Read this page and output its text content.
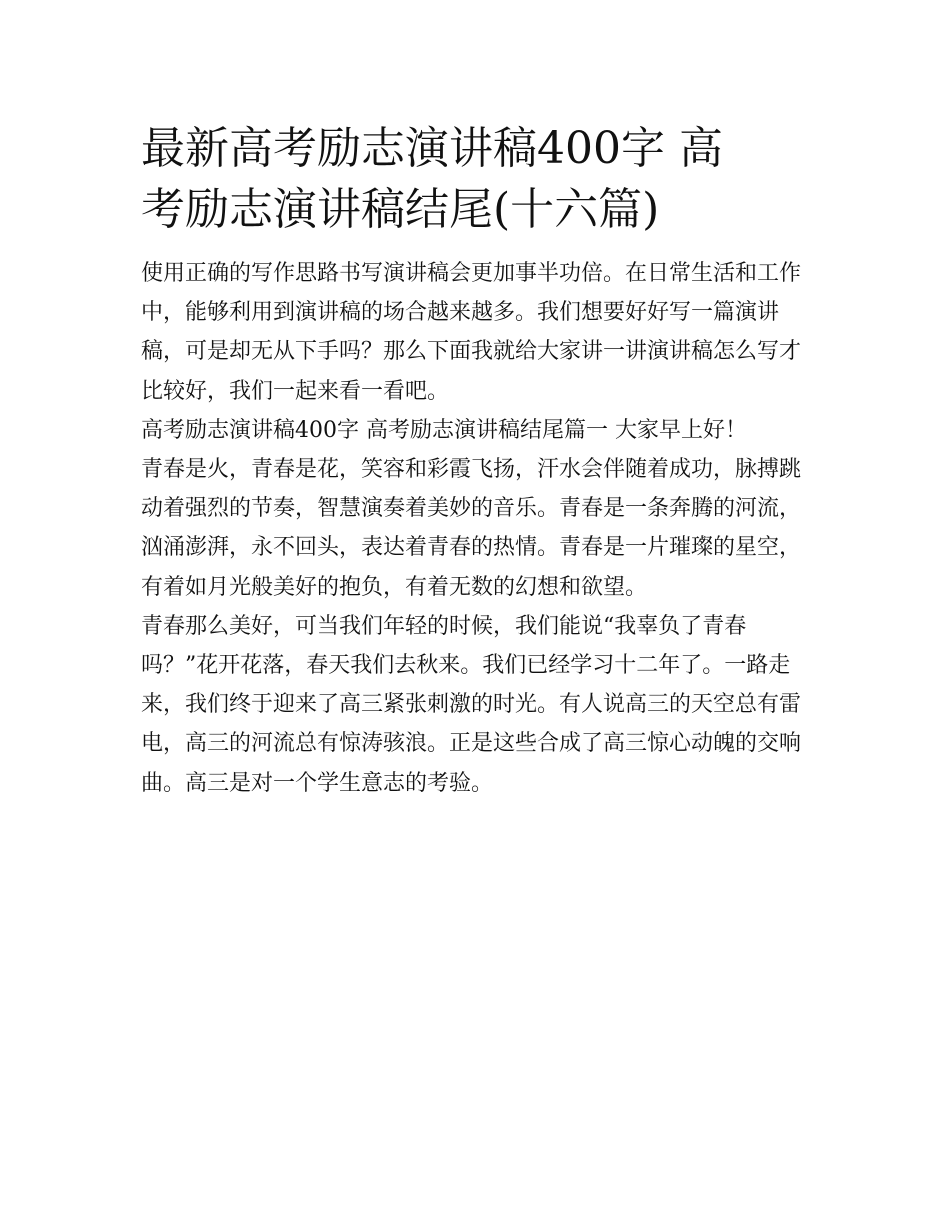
最新高考励志演讲稿400字 高
考励志演讲稿结尾(十六篇)

使用正确的写作思路书写演讲稿会更加事半功倍。在日常生活和工作中，能够利用到演讲稿的场合越来越多。我们想要好好写一篇演讲稿，可是却无从下手吗？那么下面我就给大家讲一讲演讲稿怎么写才比较好，我们一起来看一看吧。

高考励志演讲稿400字 高考励志演讲稿结尾篇一 大家早上好！

青春是火，青春是花，笑容和彩霞飞扬，汗水会伴随着成功，脉搏跳动着强烈的节奏，智慧演奏着美妙的音乐。青春是一条奔腾的河流，汹涌澎湃，永不回头，表达着青春的热情。青春是一片璀璨的星空，有着如月光般美好的抱负，有着无数的幻想和欲望。

青春那么美好，可当我们年轻的时候，我们能说“我辜负了青春吗？”花开花落，春天我们去秋来。我们已经学习十二年了。一路走来，我们终于迎来了高三紧张刺激的时光。有人说高三的天空总有雷电，高三的河流总有惊涛骇浪。正是这些合成了高三惊心动魄的交响曲。高三是对一个学生意志的考验。
